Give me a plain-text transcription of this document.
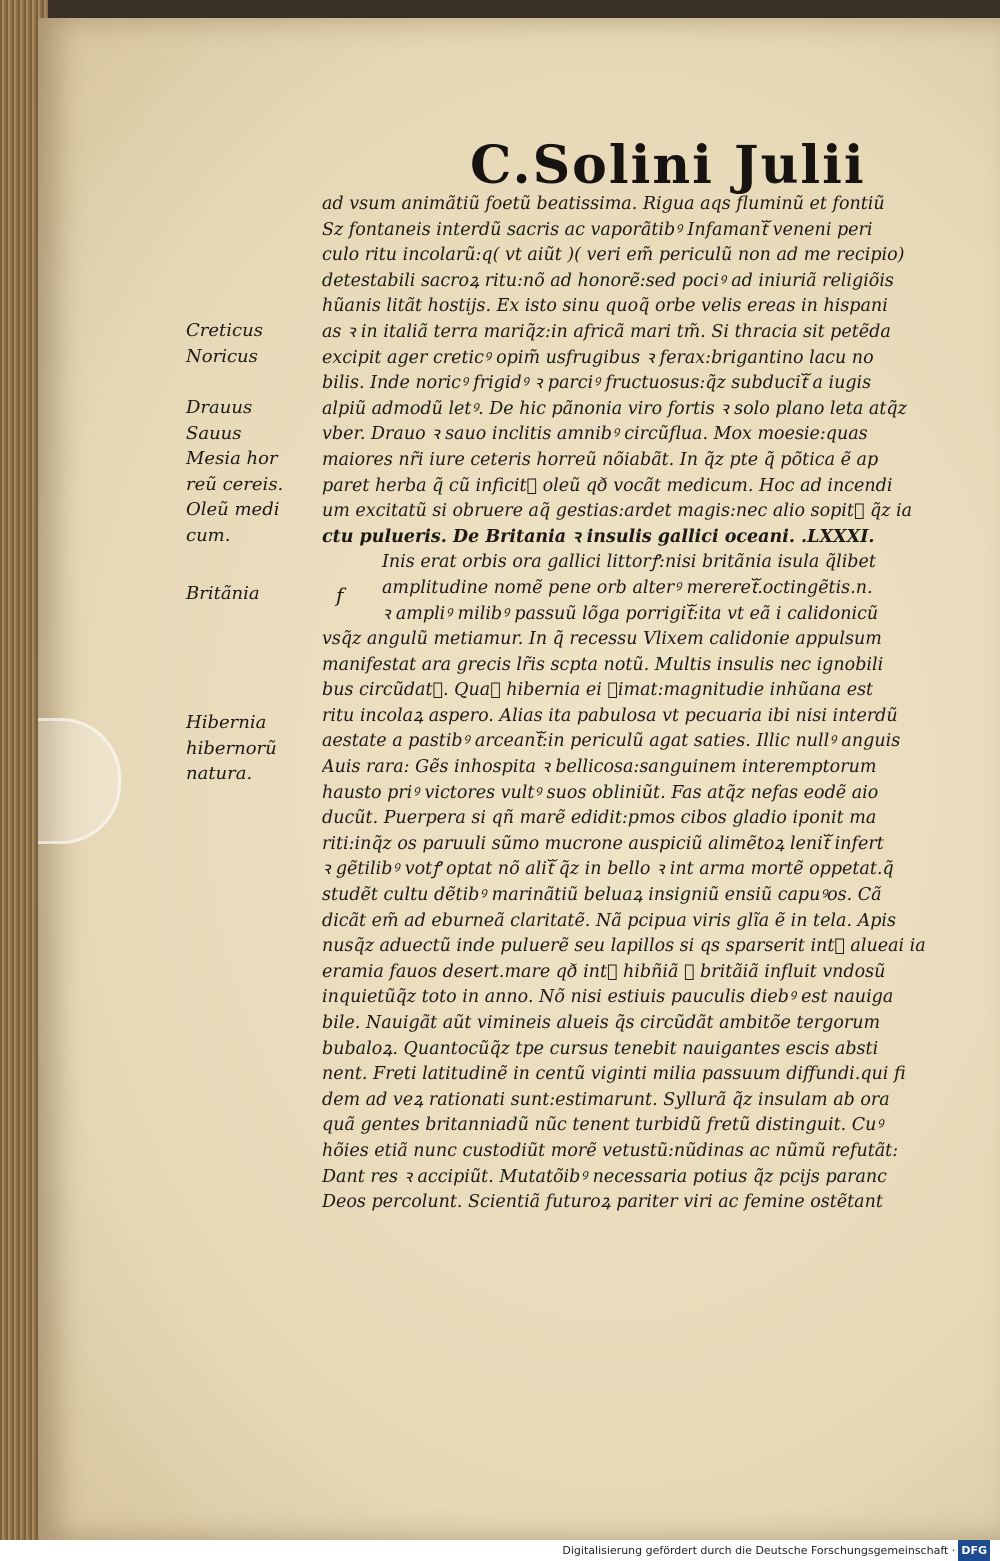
C.Solini Julii
Creticus
Noricus
Drauus
Sauus
Mesia hor
reũ cereis.
Oleũ medi
cum.
Britãnia
Hibernia
hibernorũ
natura.
f
ad vsum animãtiũ foetũ beatissima. Rigua aqs fluminũ et fontiũ
Sz fontaneis interdũ sacris ac vaporãtibꝰ Infamantᷓ veneni peri
culo ritu incolarũ:q( vt aiũt )( veri em̃ periculũ non ad me recipio)
detestabili sacroꝝ ritu:nõ ad honorẽ:sed pociꝰ ad iniuriã religiõis
hũanis litãt hostijs. Ex isto sinu quoq̃ orbe velis ereas in hispani
as ꝛ in italiã terra mariq̃z:in africã mari tm̃. Si thracia sit petẽda
excipit ager creticꝰ opim̃ usfrugibus ꝛ ferax:brigantino lacu no
bilis. Inde noricꝰ frigidꝰ ꝛ parciꝰ fructuosus:q̃z subducitᷓ a iugis
alpiũ admodũ letꝰ. De hic pãnonia viro fortis ꝛ solo plano leta atq̃z
vber. Drauo ꝛ sauo inclitis amnibꝰ circũflua. Mox moesie:quas
maiores nr̃i iure ceteris horreũ nõiabãt. In q̃z pte q̃ põtica ẽ ap
paret herba q̃ cũ inficitᷓ oleũ qð vocãt medicum. Hoc ad incendi
um excitatũ si obruere aq̃ gestias:ardet magis:nec alio sopitᷓ q̃z ia
ctu pulueris. De Britania ꝛ insulis gallici oceani. .LXXXI.
Inis erat orbis ora gallici littorꝭ:nisi britãnia isula q̃libet
amplitudine nomẽ pene orb alterꝰ mereretᷓ.octingẽtis.n.
ꝛ ampliꝰ milibꝰ passuũ lõga porrigitᷓ:ita vt eã i calidonicũ
vsq̃z angulũ metiamur. In q̃ recessu Vlixem calidonie appulsum
manifestat ara grecis lr̃is scpta notũ. Multis insulis nec ignobili
bus circũdatᷓ. Quaꝝ hibernia ei ꝑimat:magnitudie inhũana est
ritu incolaꝝ aspero. Alias ita pabulosa vt pecuaria ibi nisi interdũ
aestate a pastibꝰ arceantᷓ:in periculũ agat saties. Illic nullꝰ anguis
Auis rara: Gẽs inhospita ꝛ bellicosa:sanguinem interemptorum
hausto priꝰ victores vultꝰ suos obliniũt. Fas atq̃z nefas eodẽ aio
ducũt. Puerpera si qñ marẽ edidit:pmos cibos gladio iponit ma
riti:inq̃z os paruuli sũmo mucrone auspiciũ alimẽtoꝝ lenitᷓ infert
ꝛ gẽtilibꝰ votꝭ optat nõ alitᷓ q̃z in bello ꝛ int arma mortẽ oppetat.q̃
studẽt cultu dẽtibꝰ marinãtiũ beluaꝝ insigniũ ensiũ capuꝰos. Cã
dicãt em̃ ad eburneã claritatẽ. Nã pcipua viris glĩa ẽ in tela. Apis
nusq̃z aduectũ inde puluerẽ seu lapillos si qs sparserit intᷓ alueai ia
eramia fauos desert.mare qð intᷓ hibñiã ꝛ britãiã influit vndosũ
inquietũq̃z toto in anno. Nõ nisi estiuis pauculis diebꝰ est nauiga
bile. Nauigãt aũt vimineis alueis q̃s circũdãt ambitõe tergorum
bubaloꝝ. Quantocũq̃z tpe cursus tenebit nauigantes escis absti
nent. Freti latitudinẽ in centũ viginti milia passuum diffundi.qui fi
dem ad veꝝ rationati sunt:estimarunt. Syllurã q̃z insulam ab ora
quã gentes britanniadũ nũc tenent turbidũ fretũ distinguit. Cuꝰ
hõies etiã nunc custodiũt morẽ vetustũ:nũdinas ac nũmũ refutãt:
Dant res ꝛ accipiũt. Mutatõibꝰ necessaria potius q̃z pcijs paranc
Deos percolunt. Scientiã futuroꝝ pariter viri ac femine ostẽtant
Digitalisierung gefördert durch die Deutsche Forschungsgemeinschaft · DFG
